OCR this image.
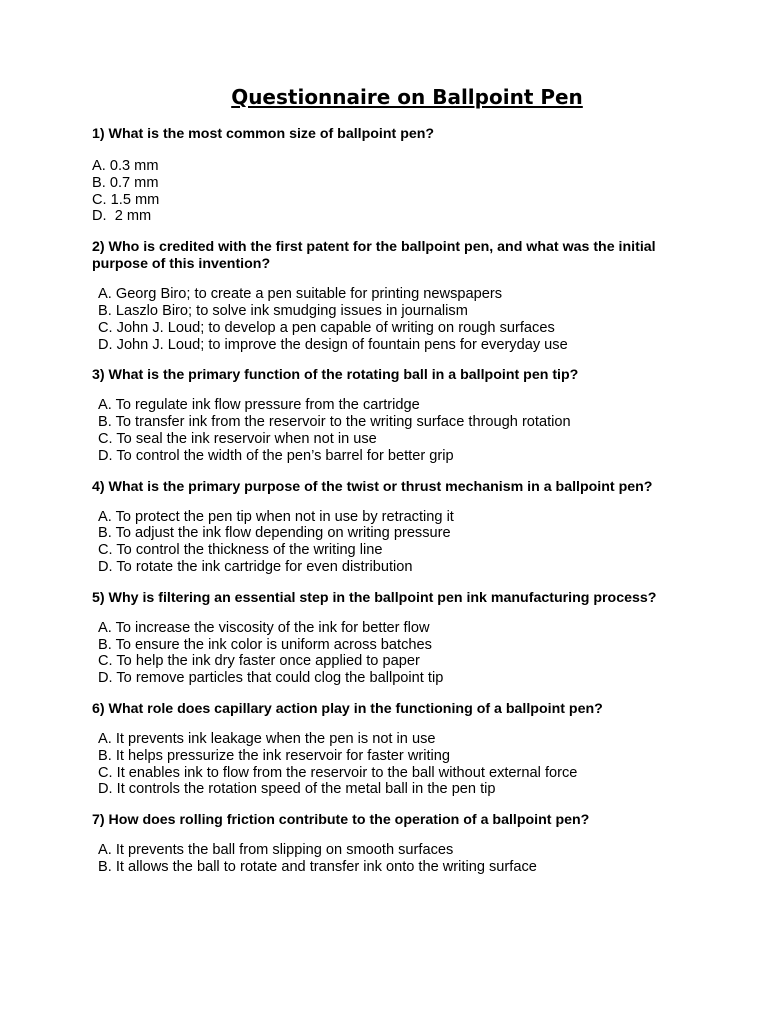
Questionnaire on Ballpoint Pen

1) What is the most common size of ballpoint pen?

A. 0.3 mm
B. 0.7 mm
C. 1.5 mm
D.  2 mm

2) Who is credited with the first patent for the ballpoint pen, and what was the initial purpose of this invention?

A. Georg Biro; to create a pen suitable for printing newspapers
B. Laszlo Biro; to solve ink smudging issues in journalism
C. John J. Loud; to develop a pen capable of writing on rough surfaces
D. John J. Loud; to improve the design of fountain pens for everyday use

3) What is the primary function of the rotating ball in a ballpoint pen tip?

A. To regulate ink flow pressure from the cartridge
B. To transfer ink from the reservoir to the writing surface through rotation
C. To seal the ink reservoir when not in use
D. To control the width of the pen’s barrel for better grip

4) What is the primary purpose of the twist or thrust mechanism in a ballpoint pen?

A. To protect the pen tip when not in use by retracting it
B. To adjust the ink flow depending on writing pressure
C. To control the thickness of the writing line
D. To rotate the ink cartridge for even distribution

5) Why is filtering an essential step in the ballpoint pen ink manufacturing process?

A. To increase the viscosity of the ink for better flow
B. To ensure the ink color is uniform across batches
C. To help the ink dry faster once applied to paper
D. To remove particles that could clog the ballpoint tip

6) What role does capillary action play in the functioning of a ballpoint pen?

A. It prevents ink leakage when the pen is not in use
B. It helps pressurize the ink reservoir for faster writing
C. It enables ink to flow from the reservoir to the ball without external force
D. It controls the rotation speed of the metal ball in the pen tip

7) How does rolling friction contribute to the operation of a ballpoint pen?

A. It prevents the ball from slipping on smooth surfaces
B. It allows the ball to rotate and transfer ink onto the writing surface
